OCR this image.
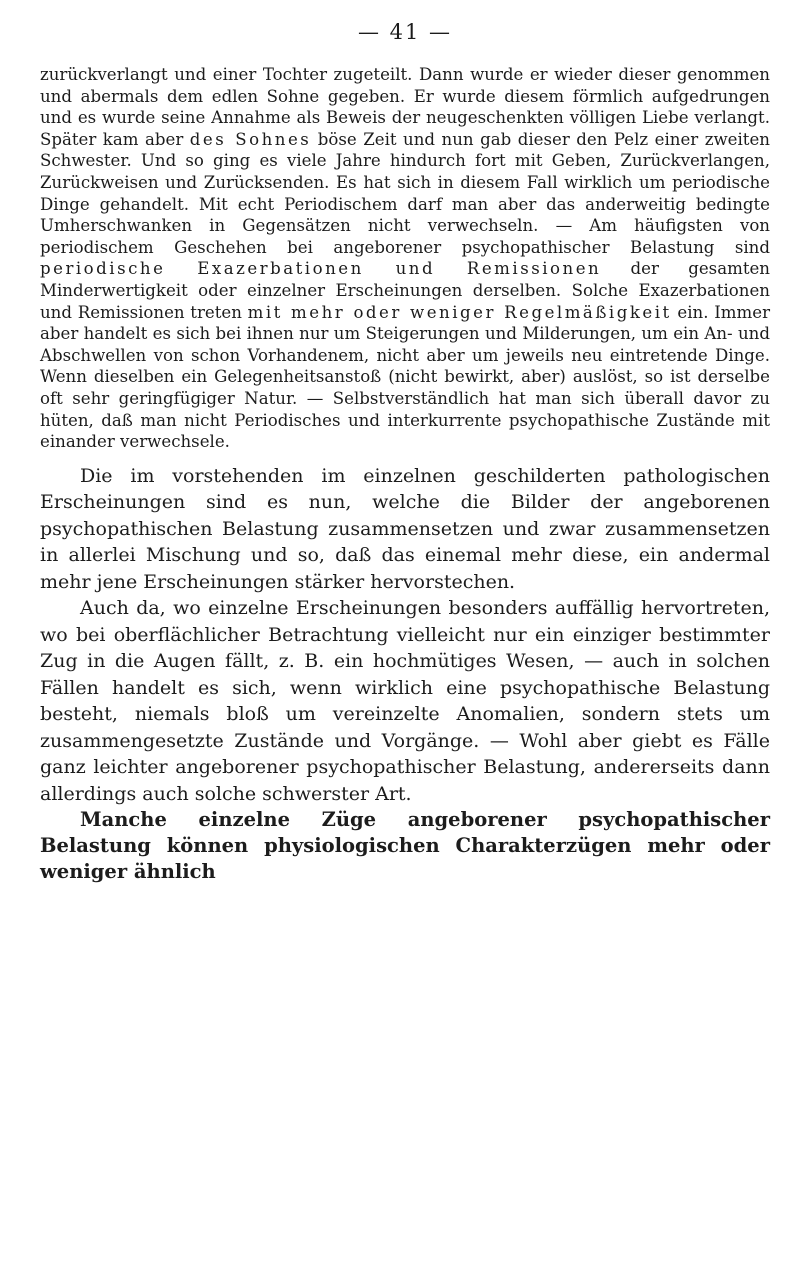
— 41 —

zurückverlangt und einer Tochter zugeteilt. Dann wurde er wieder dieser genommen und abermals dem edlen Sohne gegeben. Er wurde diesem förmlich aufgedrungen und es wurde seine Annahme als Beweis der neugeschenkten völligen Liebe verlangt. Später kam aber des Sohnes böse Zeit und nun gab dieser den Pelz einer zweiten Schwester. Und so ging es viele Jahre hindurch fort mit Geben, Zurückverlangen, Zurückweisen und Zurücksenden. Es hat sich in diesem Fall wirklich um periodische Dinge gehandelt. Mit echt Periodischem darf man aber das anderweitig bedingte Umherschwanken in Gegensätzen nicht verwechseln. — Am häufigsten von periodischem Geschehen bei angeborener psychopathischer Belastung sind periodische Exazerbationen und Remissionen der gesamten Minderwertigkeit oder einzelner Erscheinungen derselben. Solche Exazerbationen und Remissionen treten mit mehr oder weniger Regelmäßigkeit ein. Immer aber handelt es sich bei ihnen nur um Steigerungen und Milderungen, um ein An- und Abschwellen von schon Vorhandenem, nicht aber um jeweils neu eintretende Dinge. Wenn dieselben ein Gelegenheitsanstoß (nicht bewirkt, aber) auslöst, so ist derselbe oft sehr geringfügiger Natur. — Selbstverständlich hat man sich überall davor zu hüten, daß man nicht Periodisches und interkurrente psychopathische Zustände mit einander verwechsele.

Die im vorstehenden im einzelnen geschilderten pathologischen Erscheinungen sind es nun, welche die Bilder der angeborenen psychopathischen Belastung zusammensetzen und zwar zusammensetzen in allerlei Mischung und so, daß das einemal mehr diese, ein andermal mehr jene Erscheinungen stärker hervorstechen.

Auch da, wo einzelne Erscheinungen besonders auffällig hervortreten, wo bei oberflächlicher Betrachtung vielleicht nur ein einziger bestimmter Zug in die Augen fällt, z. B. ein hochmütiges Wesen, — auch in solchen Fällen handelt es sich, wenn wirklich eine psychopathische Belastung besteht, niemals bloß um vereinzelte Anomalien, sondern stets um zusammengesetzte Zustände und Vorgänge. — Wohl aber giebt es Fälle ganz leichter angeborener psychopathischer Belastung, andererseits dann allerdings auch solche schwerster Art.

Manche einzelne Züge angeborener psychopathischer Belastung können physiologischen Charakterzügen mehr oder weniger ähnlich
